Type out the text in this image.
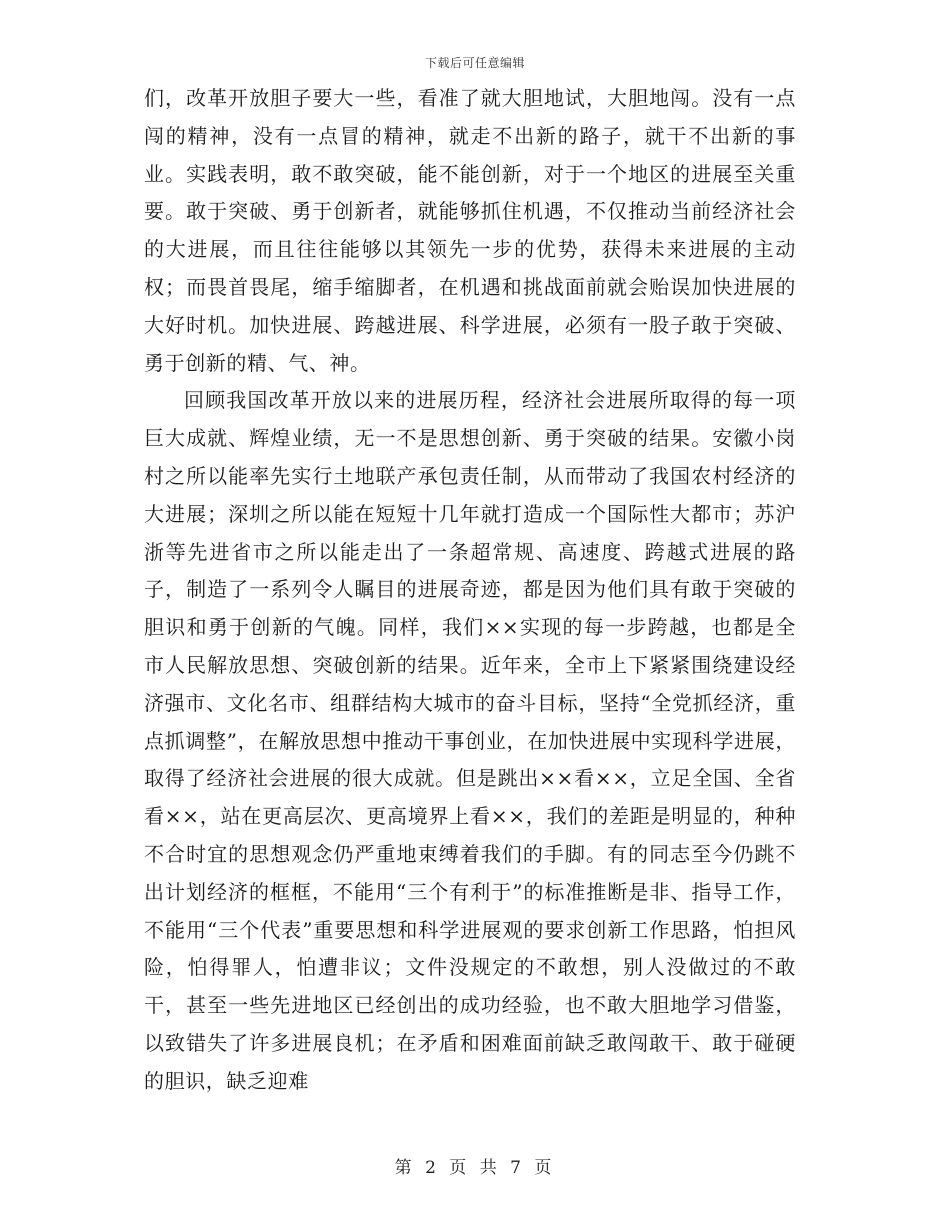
下载后可任意编辑

们，改革开放胆子要大一些，看准了就大胆地试，大胆地闯。没有一点闯的精神，没有一点冒的精神，就走不出新的路子，就干不出新的事业。实践表明，敢不敢突破，能不能创新，对于一个地区的进展至关重要。敢于突破、勇于创新者，就能够抓住机遇，不仅推动当前经济社会的大进展，而且往往能够以其领先一步的优势，获得未来进展的主动权；而畏首畏尾，缩手缩脚者，在机遇和挑战面前就会贻误加快进展的大好时机。加快进展、跨越进展、科学进展，必须有一股子敢于突破、勇于创新的精、气、神。

回顾我国改革开放以来的进展历程，经济社会进展所取得的每一项巨大成就、辉煌业绩，无一不是思想创新、勇于突破的结果。安徽小岗村之所以能率先实行土地联产承包责任制，从而带动了我国农村经济的大进展；深圳之所以能在短短十几年就打造成一个国际性大都市；苏沪浙等先进省市之所以能走出了一条超常规、高速度、跨越式进展的路子，制造了一系列令人瞩目的进展奇迹，都是因为他们具有敢于突破的胆识和勇于创新的气魄。同样，我们××实现的每一步跨越，也都是全市人民解放思想、突破创新的结果。近年来，全市上下紧紧围绕建设经济强市、文化名市、组群结构大城市的奋斗目标，坚持“全党抓经济，重点抓调整”，在解放思想中推动干事创业，在加快进展中实现科学进展，取得了经济社会进展的很大成就。但是跳出××看××，立足全国、全省看××，站在更高层次、更高境界上看××，我们的差距是明显的，种种不合时宜的思想观念仍严重地束缚着我们的手脚。有的同志至今仍跳不出计划经济的框框，不能用“三个有利于”的标准推断是非、指导工作，不能用“三个代表”重要思想和科学进展观的要求创新工作思路，怕担风险，怕得罪人，怕遭非议；文件没规定的不敢想，别人没做过的不敢干，甚至一些先进地区已经创出的成功经验，也不敢大胆地学习借鉴，以致错失了许多进展良机；在矛盾和困难面前缺乏敢闯敢干、敢于碰硬的胆识，缺乏迎难

第 2 页 共 7 页
